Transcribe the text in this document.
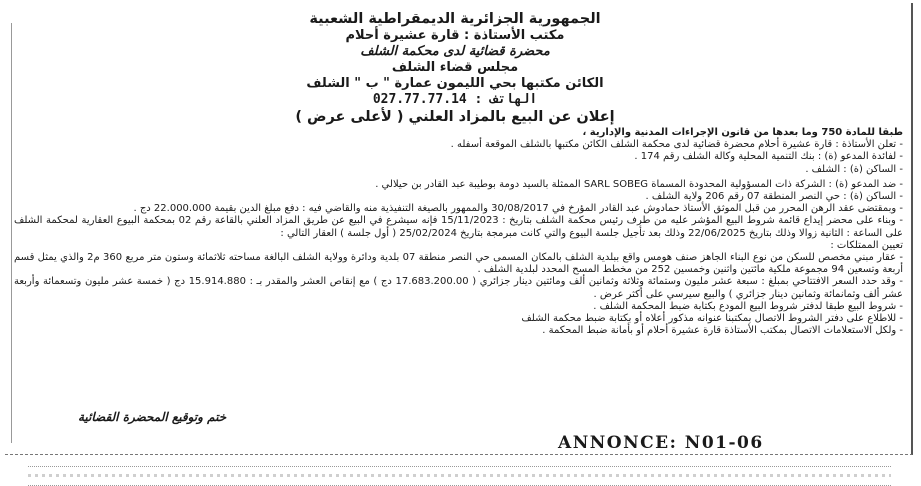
الجمهورية الجزائرية الديمقراطية الشعبية
مكتب الأستاذة : قارة عشيرة أحلام
محضرة قضائية لدى محكمة الشلف
مجلس قضاء الشلف
الكائن مكتبها بحي الليمون عمارة " ب " الشلف
الهاتف : 027.77.77.14
إعلان عن البيع بالمزاد العلني ( لأعلى عرض )

طبقا للمادة 750 وما بعدها من قانون الإجراءات المدنية والإدارية ،

- تعلن الأستاذة : قارة عشيرة أحلام محضرة قضائية لدى محكمة الشلف الكائن مكتبها بالشلف الموقعة أسفله .

- لفائدة المدعو (ة) : بنك التنمية المحلية وكالة الشلف رقم 174 .

- الساكن (ة) : الشلف .

- ضد المدعو (ة) : الشركة ذات المسؤولية المحدودة المسماة SARL SOBEG الممثلة بالسيد دومة بوطيبة عبد القادر بن حيلالي .

- الساكن (ة) : حي النصر المنطقة 07 رقم 206 ولاية الشلف .

- وبمقتضى عقد الرهن المحرر من قبل الموثق الأستاذ حمادوش عبد القادر المؤرخ في 30/08/2017 والممهور بالصيغة التنفيذية منه والقاضي فيه : دفع مبلغ الدين بقيمة 22.000.000 دج .

- وبناء على محضر إيداع قائمة شروط البيع المؤشر عليه من طرف رئيس محكمة الشلف بتاريخ : 15/11/2023 فإنه سيشرع في البيع عن طريق المزاد العلني بالقاعة رقم 02 بمحكمة البيوع العقارية لمحكمة الشلف على الساعة : الثانية زوالا وذلك بتاريخ 22/06/2025 وذلك بعد تأجيل جلسة البيوع والتي كانت مبرمجة بتاريخ 25/02/2024 ( أول جلسة ) العقار التالي :

تعيين الممتلكات :

- عقار مبني مخصص للسكن من نوع البناء الجاهز صنف هومس واقع ببلدية الشلف بالمكان المسمى حي النصر منطقة 07 بلدية ودائرة وولاية الشلف البالغة مساحته ثلاثمائة وستون متر مربع 360 م2 والذي يمثل قسم أربعة وتسعين 94 مجموعة ملكية مائتين واثنين وخمسين 252 من مخطط المسح المحدد لبلدية الشلف .

- وقد حدد السعر الافتتاحي بمبلغ : سبعة عشر مليون وستمائة وثلاثة وثمانين ألف ومائتين دينار جزائري ( 17.683.200.00 دج ) مع إنقاص العشر والمقدر بـ : 15.914.880 دج ( خمسة عشر مليون وتسعمائة وأربعة عشر ألف وثمانمائة وثمانين دينار جزائري ) والبيع سيرسي على أكثر عرض .

- شروط البيع طبقا لدفتر شروط البيع المودع بكتابة ضبط المحكمة الشلف .

- للاطلاع على دفتر الشروط الاتصال بمكتبنا عنوانه مذكور أعلاه أو بكتابة ضبط محكمة الشلف

- ولكل الاستعلامات الاتصال بمكتب الأستاذة قارة عشيرة أحلام أو بأمانة ضبط المحكمة .

ختم وتوقيع المحضرة القضائية
ANNONCE: N01-06
